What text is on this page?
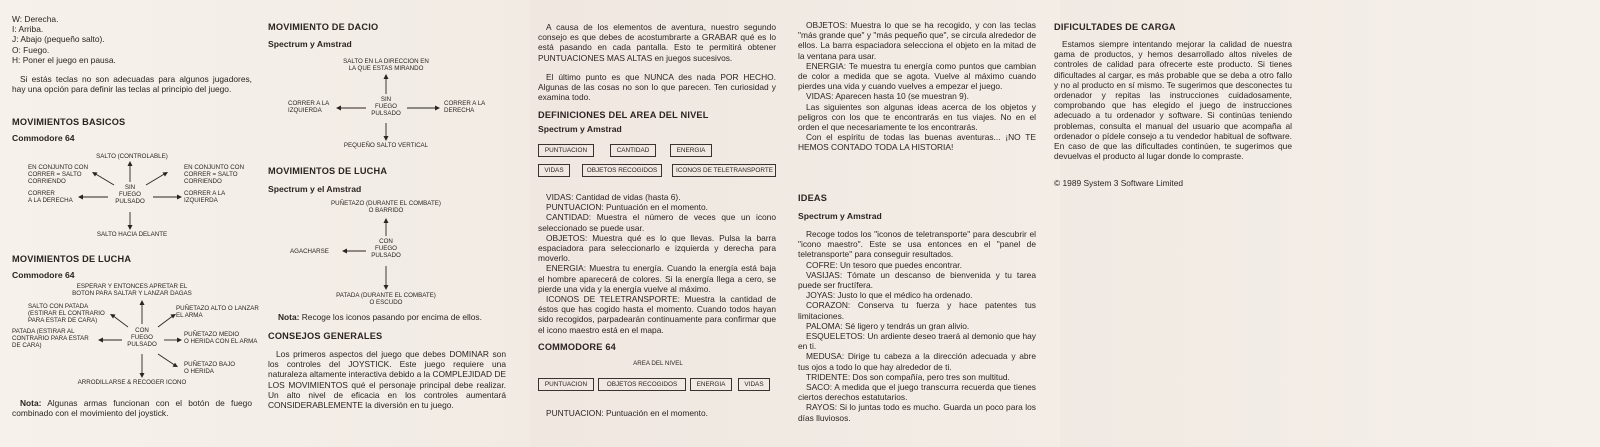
W: Derecha.
I: Arriba.
J: Abajo (pequeño salto).
O: Fuego.
H: Poner el juego en pausa.

Si estás teclas no son adecuadas para algunos jugadores, hay una opción para definir las teclas al principio del juego.

MOVIMIENTOS BASICOS
Commodore 64
SALTO (CONTROLABLE)
EN CONJUNTO CON
CORRER = SALTO
CORRIENDO
EN CONJUNTO CON
CORRER = SALTO
CORRIENDO
CORRER
A LA DERECHA
CORRER A LA
IZQUIERDA
SIN
FUEGO
PULSADO
SALTO HACIA DELANTE
MOVIMIENTOS DE LUCHA
Commodore 64
ESPERAR Y ENTONCES APRETAR EL
BOTON PARA SALTAR Y LANZAR DAGAS
SALTO CON PATADA
(ESTIRAR EL CONTRARIO
PARA ESTAR DE CARA)
PATADA (ESTIRAR AL
CONTRARIO PARA ESTAR
DE CARA)
CON
FUEGO
PULSADO
PUÑETAZO ALTO O LANZAR
EL ARMA
PUÑETAZO MEDIO
O HERIDA CON EL ARMA
PUÑETAZO BAJO
O HERIDA
ARRODILLARSE & RECOGER ICONO

Nota: Algunas armas funcionan con el botón de fuego combinado con el movimiento del joystick.

MOVIMIENTO DE DACIO
Spectrum y Amstrad
SALTO EN LA DIRECCION EN
LA QUE ESTAS MIRANDO
CORRER A LA
IZQUIERDA
CORRER A LA
DERECHA
SIN
FUEGO
PULSADO
PEQUEÑO SALTO VERTICAL
MOVIMIENTOS DE LUCHA
Spectrum y el Amstrad
PUÑETAZO (DURANTE EL COMBATE)
O BARRIDO
AGACHARSE
CON
FUEGO
PULSADO
PATADA (DURANTE EL COMBATE)
O ESCUDO

Nota: Recoge los iconos pasando por encima de ellos.

CONSEJOS GENERALES

Los primeros aspectos del juego que debes DOMINAR son los controles del JOYSTICK. Este juego requiere una naturaleza altamente interactiva debido a la COMPLEJIDAD DE LOS MOVIMIENTOS qué el personaje principal debe realizar. Un alto nivel de eficacia en los controles aumentará CONSIDERABLEMENTE la diversión en tu juego.

A causa de los elementos de aventura, nuestro segundo consejo es que debes de acostumbrarte a GRABAR qué es lo está pasando en cada pantalla. Esto te permitirá obtener PUNTUACIONES MAS ALTAS en juegos sucesivos.

El último punto es que NUNCA des nada POR HECHO. Algunas de las cosas no son lo que parecen. Ten curiosidad y examina todo.

DEFINICIONES DEL AREA DEL NIVEL
Spectrum y Amstrad
PUNTUACION	CANTIDAD	ENERGIA
VIDAS	OBJETOS RECOGIDOS	ICONOS DE TELETRANSPORTE

VIDAS: Cantidad de vidas (hasta 6).

PUNTUACION: Puntuación en el momento.

CANTIDAD: Muestra el número de veces que un icono seleccionado se puede usar.

OBJETOS: Muestra qué es lo que llevas. Pulsa la barra espaciadora para seleccionarlo e izquierda y derecha para moverlo.

ENERGIA: Muestra tu energía. Cuando la energía está baja el hombre aparecerá de colores. Si la energía llega a cero, se pierde una vida y la energía vuelve al máximo.

ICONOS DE TELETRANSPORTE: Muestra la cantidad de éstos que has cogido hasta el momento. Cuando todos hayan sido recogidos, parpadearán continuamente para confirmar que el icono maestro está en el mapa.

COMMODORE 64
AREA DEL NIVEL
PUNTUACION	OBJETOS RECOGIDOS	ENERGIA	VIDAS

PUNTUACION: Puntuación en el momento.

OBJETOS: Muestra lo que se ha recogido, y con las teclas "más grande que" y "más pequeño que", se circula alrededor de ellos. La barra espaciadora selecciona el objeto en la mitad de la ventana para usar.

ENERGIA: Te muestra tu energía como puntos que cambian de color a medida que se agota. Vuelve al máximo cuando pierdes una vida y cuando vuelves a empezar el juego.

VIDAS: Aparecen hasta 10 (se muestran 9).

Las siguientes son algunas ideas acerca de los objetos y peligros con los que te encontrarás en tus viajes. No en el orden el que necesariamente te los encontrarás.

Con el espíritu de todas las buenas aventuras... ¡NO TE HEMOS CONTADO TODA LA HISTORIA!

IDEAS
Spectrum y Amstrad

Recoge todos los "iconos de teletransporte" para descubrir el "icono maestro". Este se usa entonces en el "panel de teletransporte" para conseguir resultados.

COFRE: Un tesoro que puedes encontrar.

VASIJAS: Tómate un descanso de bienvenida y tu tarea puede ser fructífera.

JOYAS: Justo lo que el médico ha ordenado.

CORAZON: Conserva tu fuerza y hace patentes tus limitaciones.

PALOMA: Sé ligero y tendrás un gran alivio.

ESQUELETOS: Un ardiente deseo traerá al demonio que hay en ti.

MEDUSA: Dirige tu cabeza a la dirección adecuada y abre tus ojos a todo lo que hay alrededor de ti.

TRIDENTE: Dos son compañía, pero tres son multitud.

SACO: A medida que el juego transcurra recuerda que tienes ciertos derechos estatutarios.

RAYOS: Si lo juntas todo es mucho. Guarda un poco para los días lluviosos.

DIFICULTADES DE CARGA

Estamos siempre intentando mejorar la calidad de nuestra gama de productos, y hemos desarrollado altos niveles de controles de calidad para ofrecerte este producto. Si tienes dificultades al cargar, es más probable que se deba a otro fallo y no al producto en sí mismo. Te sugerimos que desconectes tu ordenador y repitas las instrucciones cuidadosamente, comprobando que has elegido el juego de instrucciones adecuado a tu ordenador y software. Si continúas teniendo problemas, consulta el manual del usuario que acompaña al ordenador o pídele consejo a tu vendedor habitual de software. En caso de que las dificultades continúen, te sugerimos que devuelvas el producto al lugar donde lo compraste.

© 1989 System 3 Software Limited
